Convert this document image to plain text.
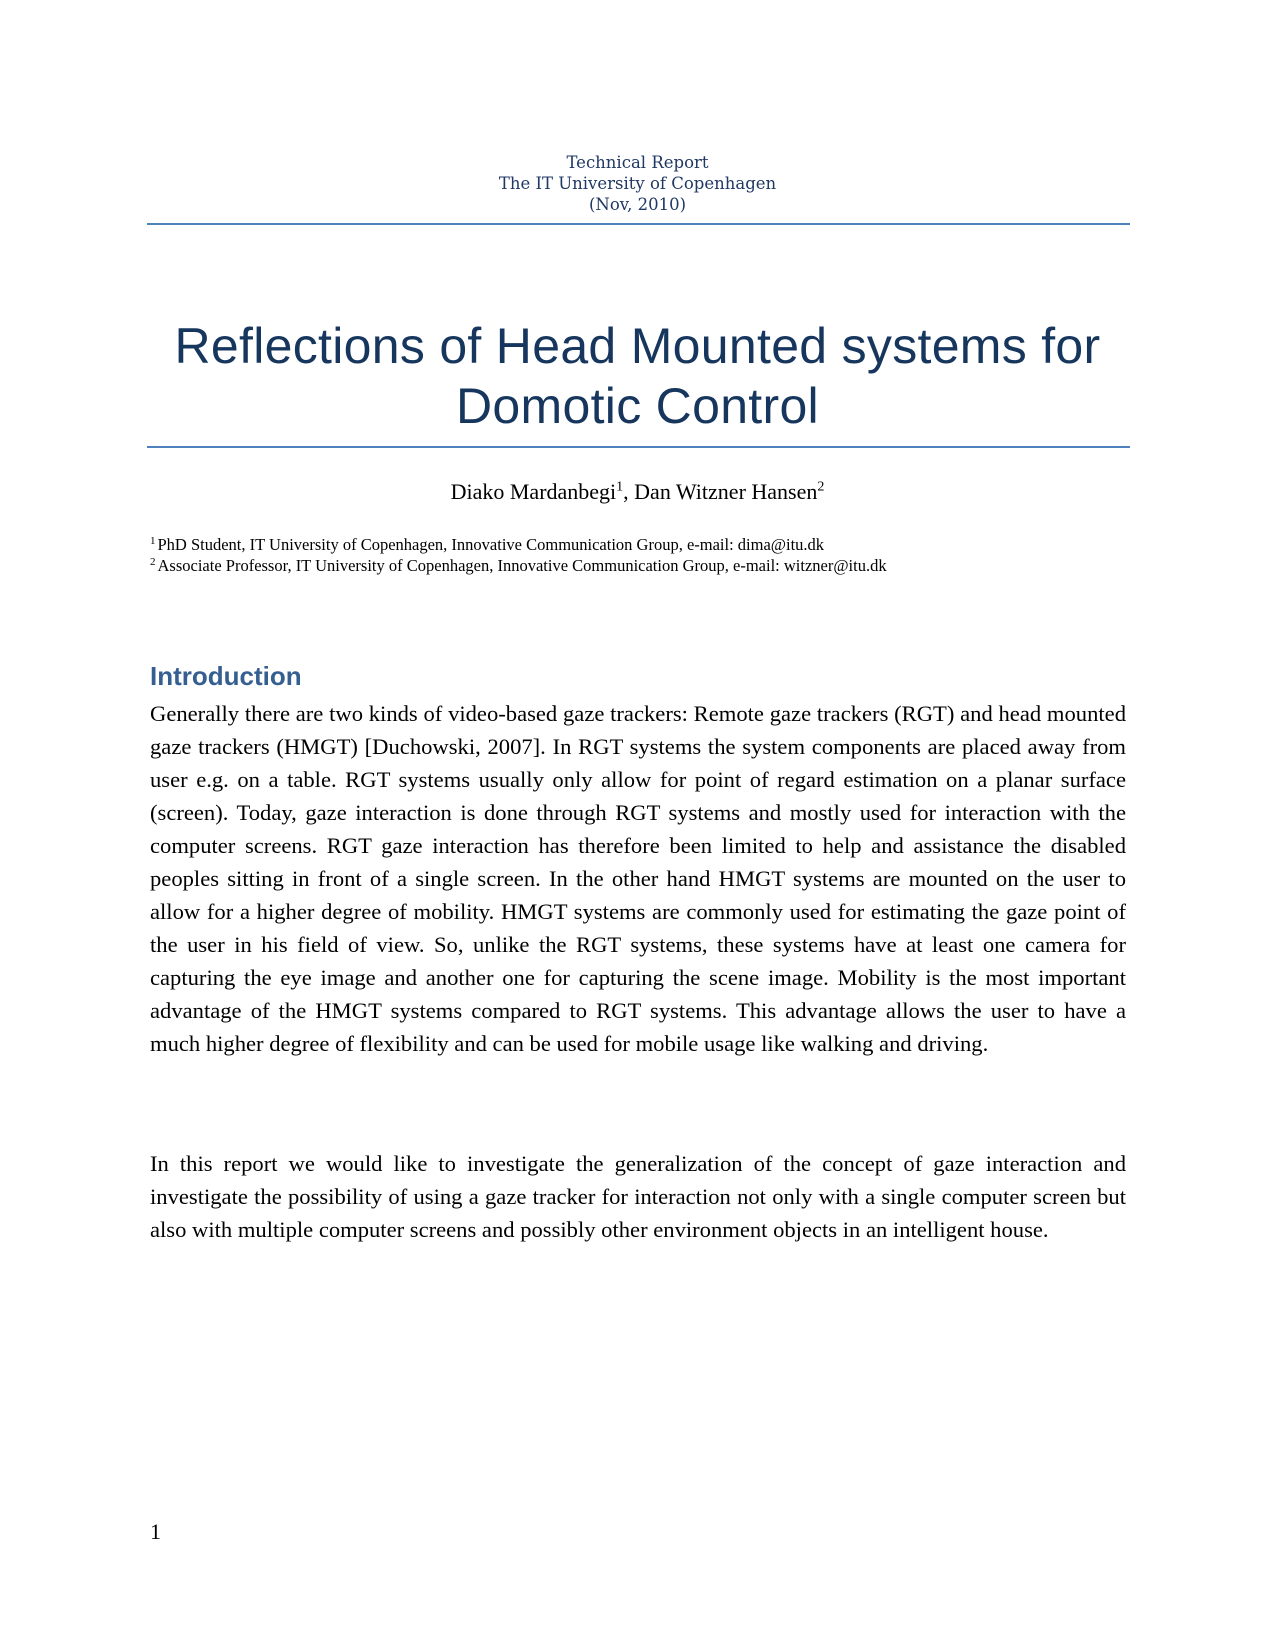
Technical Report
The IT University of Copenhagen
(Nov, 2010)
Reflections of Head Mounted systems for
Domotic Control
Diako Mardanbegi$^1$, Dan Witzner Hansen$^2$
$^1$ PhD Student, IT University of Copenhagen, Innovative Communication Group, e-mail: dima@itu.dk
$^2$ Associate Professor, IT University of Copenhagen, Innovative Communication Group, e-mail: witzner@itu.dk
Introduction

Generally there are two kinds of video-based gaze trackers: Remote gaze trackers (RGT) and head mounted gaze trackers (HMGT) [Duchowski, 2007]. In RGT systems the system components are placed away from user e.g. on a table. RGT systems usually only allow for point of regard estimation on a planar surface (screen). Today, gaze interaction is done through RGT systems and mostly used for interaction with the computer screens. RGT gaze interaction has therefore been limited to help and assistance the disabled peoples sitting in front of a single screen. In the other hand HMGT systems are mounted on the user to allow for a higher degree of mobility. HMGT systems are commonly used for estimating the gaze point of the user in his field of view. So, unlike the RGT systems, these systems have at least one camera for capturing the eye image and another one for capturing the scene image. Mobility is the most important advantage of the HMGT systems compared to RGT systems. This advantage allows the user to have a much higher degree of flexibility and can be used for mobile usage like walking and driving.

In this report we would like to investigate the generalization of the concept of gaze interaction and investigate the possibility of using a gaze tracker for interaction not only with a single computer screen but also with multiple computer screens and possibly other environment objects in an intelligent house.

1
